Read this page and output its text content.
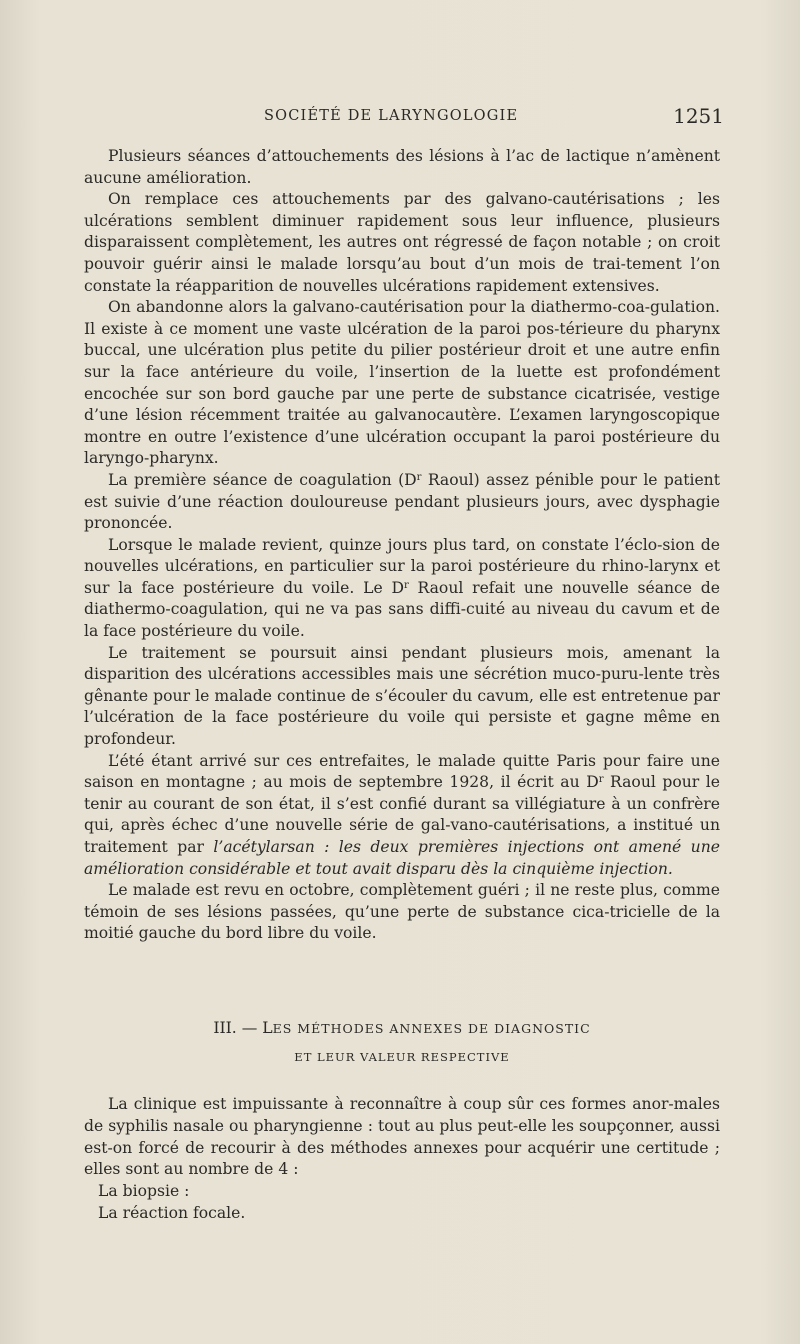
SOCIÉTÉ DE LARYNGOLOGIE	1251

Plusieurs séances d’attouchements des lésions à l’ac de lactique n’amènent aucune amélioration.

On remplace ces attouchements par des galvano-cautérisations ; les ulcérations semblent diminuer rapidement sous leur influence, plusieurs disparaissent complètement, les autres ont régressé de façon notable ; on croit pouvoir guérir ainsi le malade lorsqu’au bout d’un mois de trai-tement l’on constate la réapparition de nouvelles ulcérations rapidement extensives.

On abandonne alors la galvano-cautérisation pour la diathermo-coa-gulation. Il existe à ce moment une vaste ulcération de la paroi pos-térieure du pharynx buccal, une ulcération plus petite du pilier postérieur droit et une autre enfin sur la face antérieure du voile, l’insertion de la luette est profondément encochée sur son bord gauche par une perte de substance cicatrisée, vestige d’une lésion récemment traitée au galvanocautère. L’examen laryngoscopique montre en outre l’existence d’une ulcération occupant la paroi postérieure du laryngo-pharynx.

La première séance de coagulation ($D^r$ Raoul) assez pénible pour le patient est suivie d’une réaction douloureuse pendant plusieurs jours, avec dysphagie prononcée.

Lorsque le malade revient, quinze jours plus tard, on constate l’éclo-sion de nouvelles ulcérations, en particulier sur la paroi postérieure du rhino-larynx et sur la face postérieure du voile. Le $D^r$ Raoul refait une nouvelle séance de diathermo-coagulation, qui ne va pas sans diffi-cuité au niveau du cavum et de la face postérieure du voile.

Le traitement se poursuit ainsi pendant plusieurs mois, amenant la disparition des ulcérations accessibles mais une sécrétion muco-puru-lente très gênante pour le malade continue de s’écouler du cavum, elle est entretenue par l’ulcération de la face postérieure du voile qui persiste et gagne même en profondeur.

L’été étant arrivé sur ces entrefaites, le malade quitte Paris pour faire une saison en montagne ; au mois de septembre 1928, il écrit au $D^r$ Raoul pour le tenir au courant de son état, il s’est confié durant sa villégiature à un confrère qui, après échec d’une nouvelle série de gal-vano-cautérisations, a institué un traitement par l’acétylarsan : les deux premières injections ont amené une amélioration considérable et tout avait disparu dès la cinquième injection.

Le malade est revu en octobre, complètement guéri ; il ne reste plus, comme témoin de ses lésions passées, qu’une perte de substance cica-tricielle de la moitié gauche du bord libre du voile.

III. — LES MÉTHODES ANNEXES DE DIAGNOSTIC
ET LEUR VALEUR RESPECTIVE

La clinique est impuissante à reconnaître à coup sûr ces formes anor-males de syphilis nasale ou pharyngienne : tout au plus peut-elle les soupçonner, aussi est-on forcé de recourir à des méthodes annexes pour acquérir une certitude ; elles sont au nombre de 4 :

La biopsie :

La réaction focale.
